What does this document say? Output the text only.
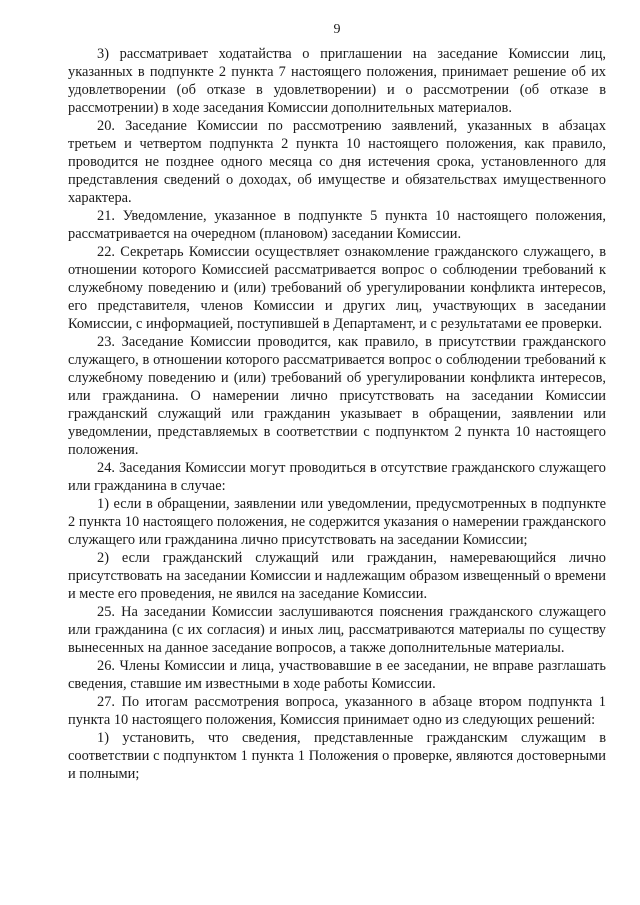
9

3) рассматривает ходатайства о приглашении на заседание Комиссии лиц, указанных в подпункте 2 пункта 7 настоящего положения, принимает решение об их удовлетворении (об отказе в удовлетворении) и о рассмотрении (об отказе в рассмотрении) в ходе заседания Комиссии дополнительных материалов.

20. Заседание Комиссии по рассмотрению заявлений, указанных в абзацах третьем и четвертом подпункта 2 пункта 10 настоящего положения, как правило, проводится не позднее одного месяца со дня истечения срока, установленного для представления сведений о доходах, об имуществе и обязательствах имущественного характера.

21. Уведомление, указанное в подпункте 5 пункта 10 настоящего положения, рассматривается на очередном (плановом) заседании Комиссии.

22. Секретарь Комиссии осуществляет ознакомление гражданского служащего, в отношении которого Комиссией рассматривается вопрос о соблюдении требований к служебному поведению и (или) требований об урегулировании конфликта интересов, его представителя, членов Комиссии и других лиц, участвующих в заседании Комиссии, с информацией, поступившей в Департамент, и с результатами ее проверки.

23. Заседание Комиссии проводится, как правило, в присутствии гражданского служащего, в отношении которого рассматривается вопрос о соблюдении требований к служебному поведению и (или) требований об урегулировании конфликта интересов, или гражданина. О намерении лично присутствовать на заседании Комиссии гражданский служащий или гражданин указывает в обращении, заявлении или уведомлении, представляемых в соответствии с подпунктом 2 пункта 10 настоящего положения.

24. Заседания Комиссии могут проводиться в отсутствие гражданского служащего или гражданина в случае:

1) если в обращении, заявлении или уведомлении, предусмотренных в подпункте 2 пункта 10 настоящего положения, не содержится указания о намерении гражданского служащего или гражданина лично присутствовать на заседании Комиссии;

2) если гражданский служащий или гражданин, намеревающийся лично присутствовать на заседании Комиссии и надлежащим образом извещенный о времени и месте его проведения, не явился на заседание Комиссии.

25. На заседании Комиссии заслушиваются пояснения гражданского служащего или гражданина (с их согласия) и иных лиц, рассматриваются материалы по существу вынесенных на данное заседание вопросов, а также дополнительные материалы.

26. Члены Комиссии и лица, участвовавшие в ее заседании, не вправе разглашать сведения, ставшие им известными в ходе работы Комиссии.

27. По итогам рассмотрения вопроса, указанного в абзаце втором подпункта 1 пункта 10 настоящего положения, Комиссия принимает одно из следующих решений:

1) установить, что сведения, представленные гражданским служащим в соответствии с подпунктом 1 пункта 1 Положения о проверке, являются достоверными и полными;
